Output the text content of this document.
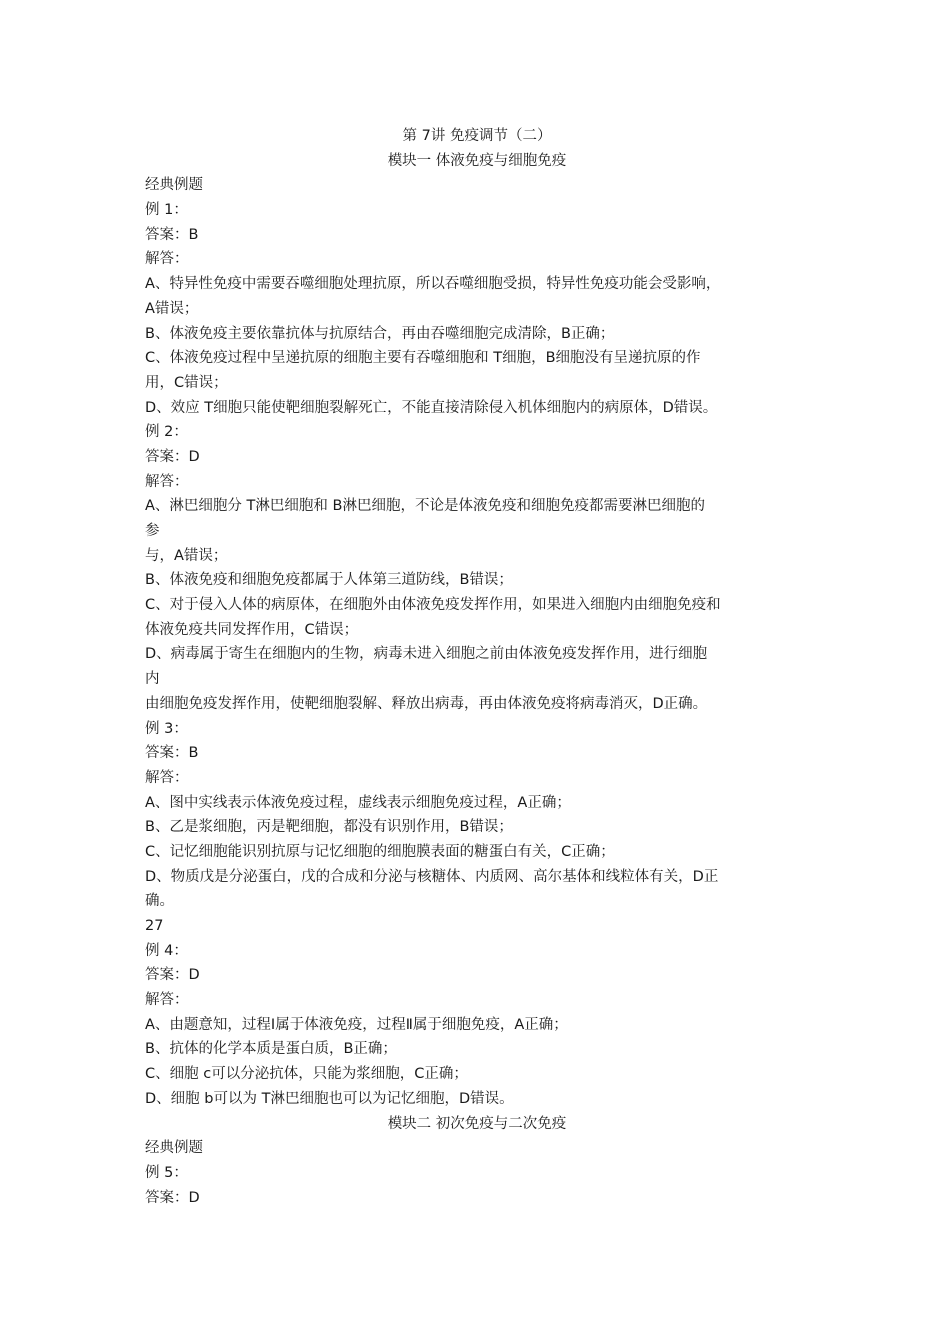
第 7讲 免疫调节（二）
模块一 体液免疫与细胞免疫
经典例题
例 1：
答案：B
解答：
A、特异性免疫中需要吞噬细胞处理抗原，所以吞噬细胞受损，特异性免疫功能会受影响，
A错误；
B、体液免疫主要依靠抗体与抗原结合，再由吞噬细胞完成清除，B正确；
C、体液免疫过程中呈递抗原的细胞主要有吞噬细胞和 T细胞，B细胞没有呈递抗原的作
用，C错误；
D、效应 T细胞只能使靶细胞裂解死亡，不能直接清除侵入机体细胞内的病原体，D错误。
例 2：
答案：D
解答：
A、淋巴细胞分 T淋巴细胞和 B淋巴细胞，不论是体液免疫和细胞免疫都需要淋巴细胞的
参
与，A错误；
B、体液免疫和细胞免疫都属于人体第三道防线，B错误；
C、对于侵入人体的病原体，在细胞外由体液免疫发挥作用，如果进入细胞内由细胞免疫和
体液免疫共同发挥作用，C错误；
D、病毒属于寄生在细胞内的生物，病毒未进入细胞之前由体液免疫发挥作用，进行细胞
内
由细胞免疫发挥作用，使靶细胞裂解、释放出病毒，再由体液免疫将病毒消灭，D正确。
例 3：
答案：B
解答：
A、图中实线表示体液免疫过程，虚线表示细胞免疫过程，A正确；
B、乙是浆细胞，丙是靶细胞，都没有识别作用，B错误；
C、记忆细胞能识别抗原与记忆细胞的细胞膜表面的糖蛋白有关，C正确；
D、物质戊是分泌蛋白，戊的合成和分泌与核糖体、内质网、高尔基体和线粒体有关，D正
确。
27
例 4：
答案：D
解答：
A、由题意知，过程Ⅰ属于体液免疫，过程Ⅱ属于细胞免疫，A正确；
B、抗体的化学本质是蛋白质，B正确；
C、细胞 c可以分泌抗体，只能为浆细胞，C正确；
D、细胞 b可以为 T淋巴细胞也可以为记忆细胞，D错误。
模块二 初次免疫与二次免疫
经典例题
例 5：
答案：D
